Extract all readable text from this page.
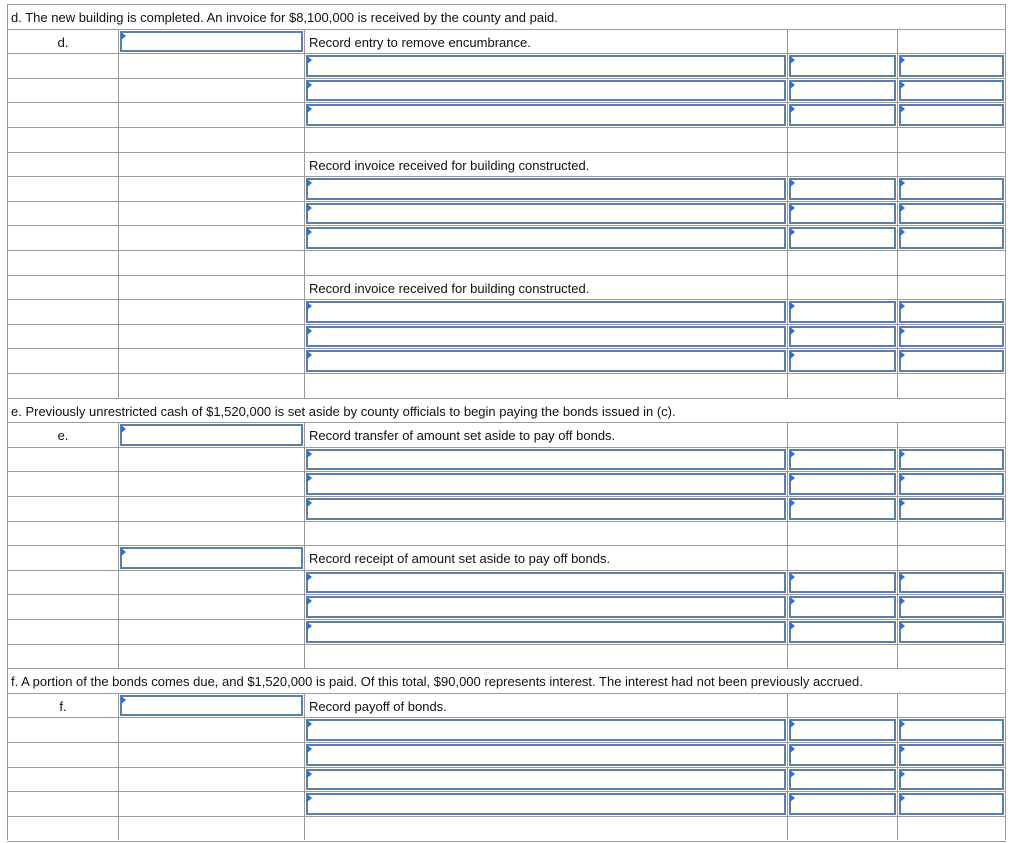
d. The new building is completed. An invoice for $8,100,000 is received by the county and paid.
d.	Record entry to remove encumbrance.
Record invoice received for building constructed.
Record invoice received for building constructed.
e. Previously unrestricted cash of $1,520,000 is set aside by county officials to begin paying the bonds issued in (c).
e.	Record transfer of amount set aside to pay off bonds.
Record receipt of amount set aside to pay off bonds.
f. A portion of the bonds comes due, and $1,520,000 is paid. Of this total, $90,000 represents interest. The interest had not been previously accrued.
f.	Record payoff of bonds.
